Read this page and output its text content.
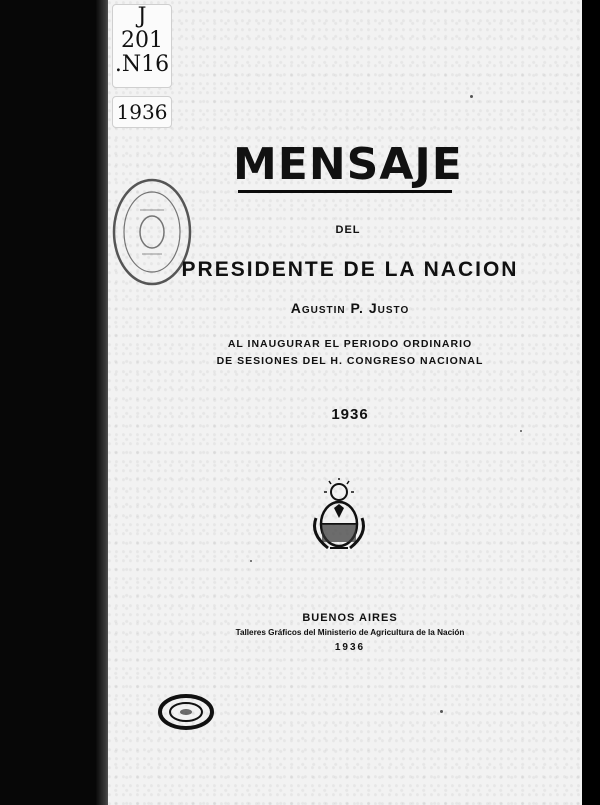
J
201
.N16
1936
MENSAJE
DEL
PRESIDENTE DE LA NACION
Agustin P. Justo
AL INAUGURAR EL PERIODO ORDINARIO
DE SESIONES DEL H. CONGRESO NACIONAL
1936
BUENOS AIRES
Talleres Gráficos del Ministerio de Agricultura de la Nación
1936
